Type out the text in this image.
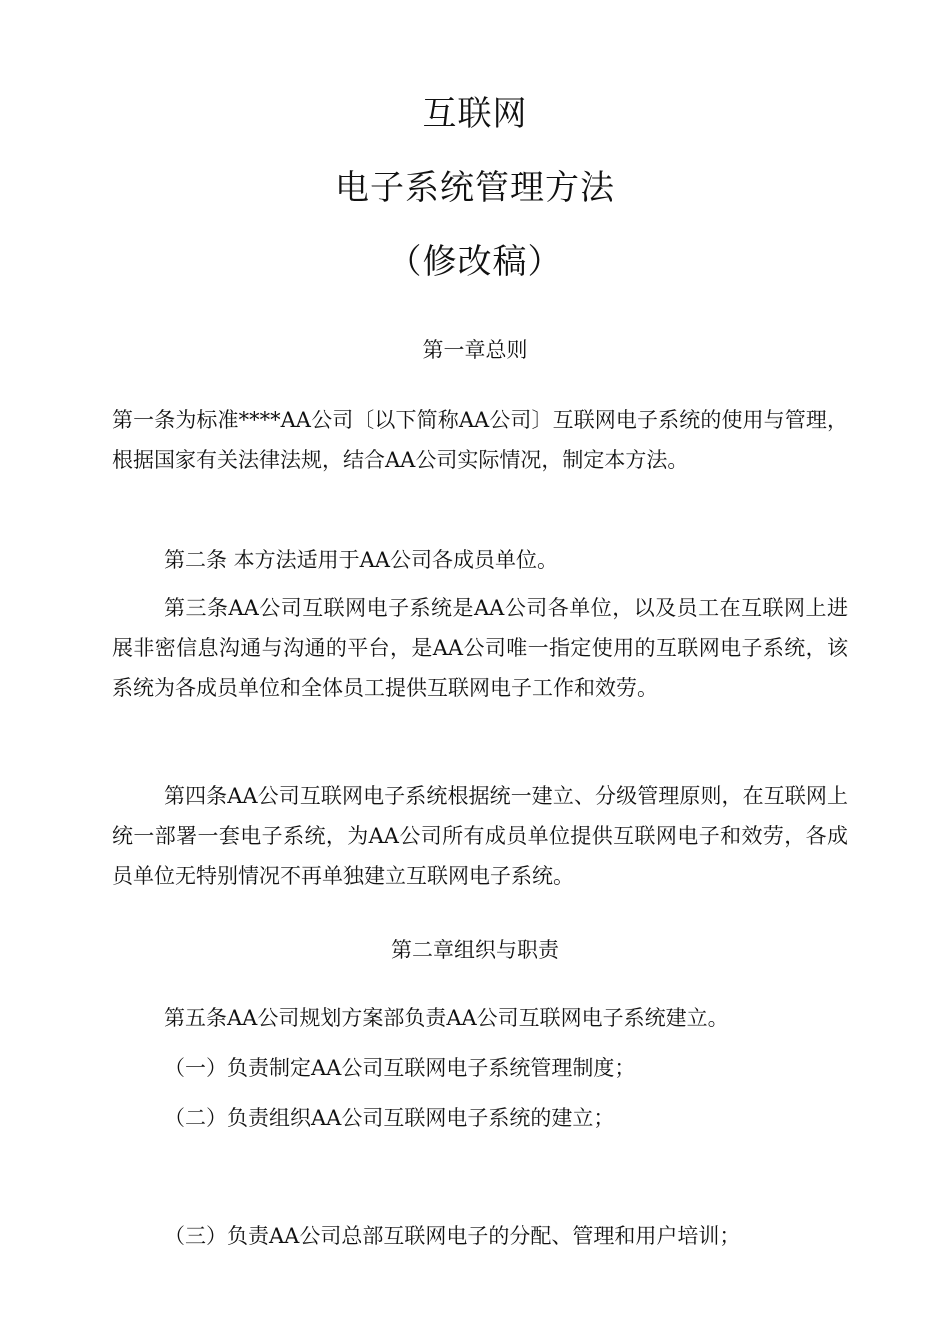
互联网
电子系统管理方法
（修改稿）
第一章总则
第一条为标准****AA公司〔以下简称AA公司〕互联网电子系统的使用与管理，根据国家有关法律法规，结合AA公司实际情况，制定本方法。
第二条 本方法适用于AA公司各成员单位。
第三条AA公司互联网电子系统是AA公司各单位，以及员工在互联网上进展非密信息沟通与沟通的平台，是AA公司唯一指定使用的互联网电子系统，该系统为各成员单位和全体员工提供互联网电子工作和效劳。
第四条AA公司互联网电子系统根据统一建立、分级管理原则，在互联网上统一部署一套电子系统，为AA公司所有成员单位提供互联网电子和效劳，各成员单位无特别情况不再单独建立互联网电子系统。
第二章组织与职责
第五条AA公司规划方案部负责AA公司互联网电子系统建立。
（一）负责制定AA公司互联网电子系统管理制度；
（二）负责组织AA公司互联网电子系统的建立；
（三）负责AA公司总部互联网电子的分配、管理和用户培训；
